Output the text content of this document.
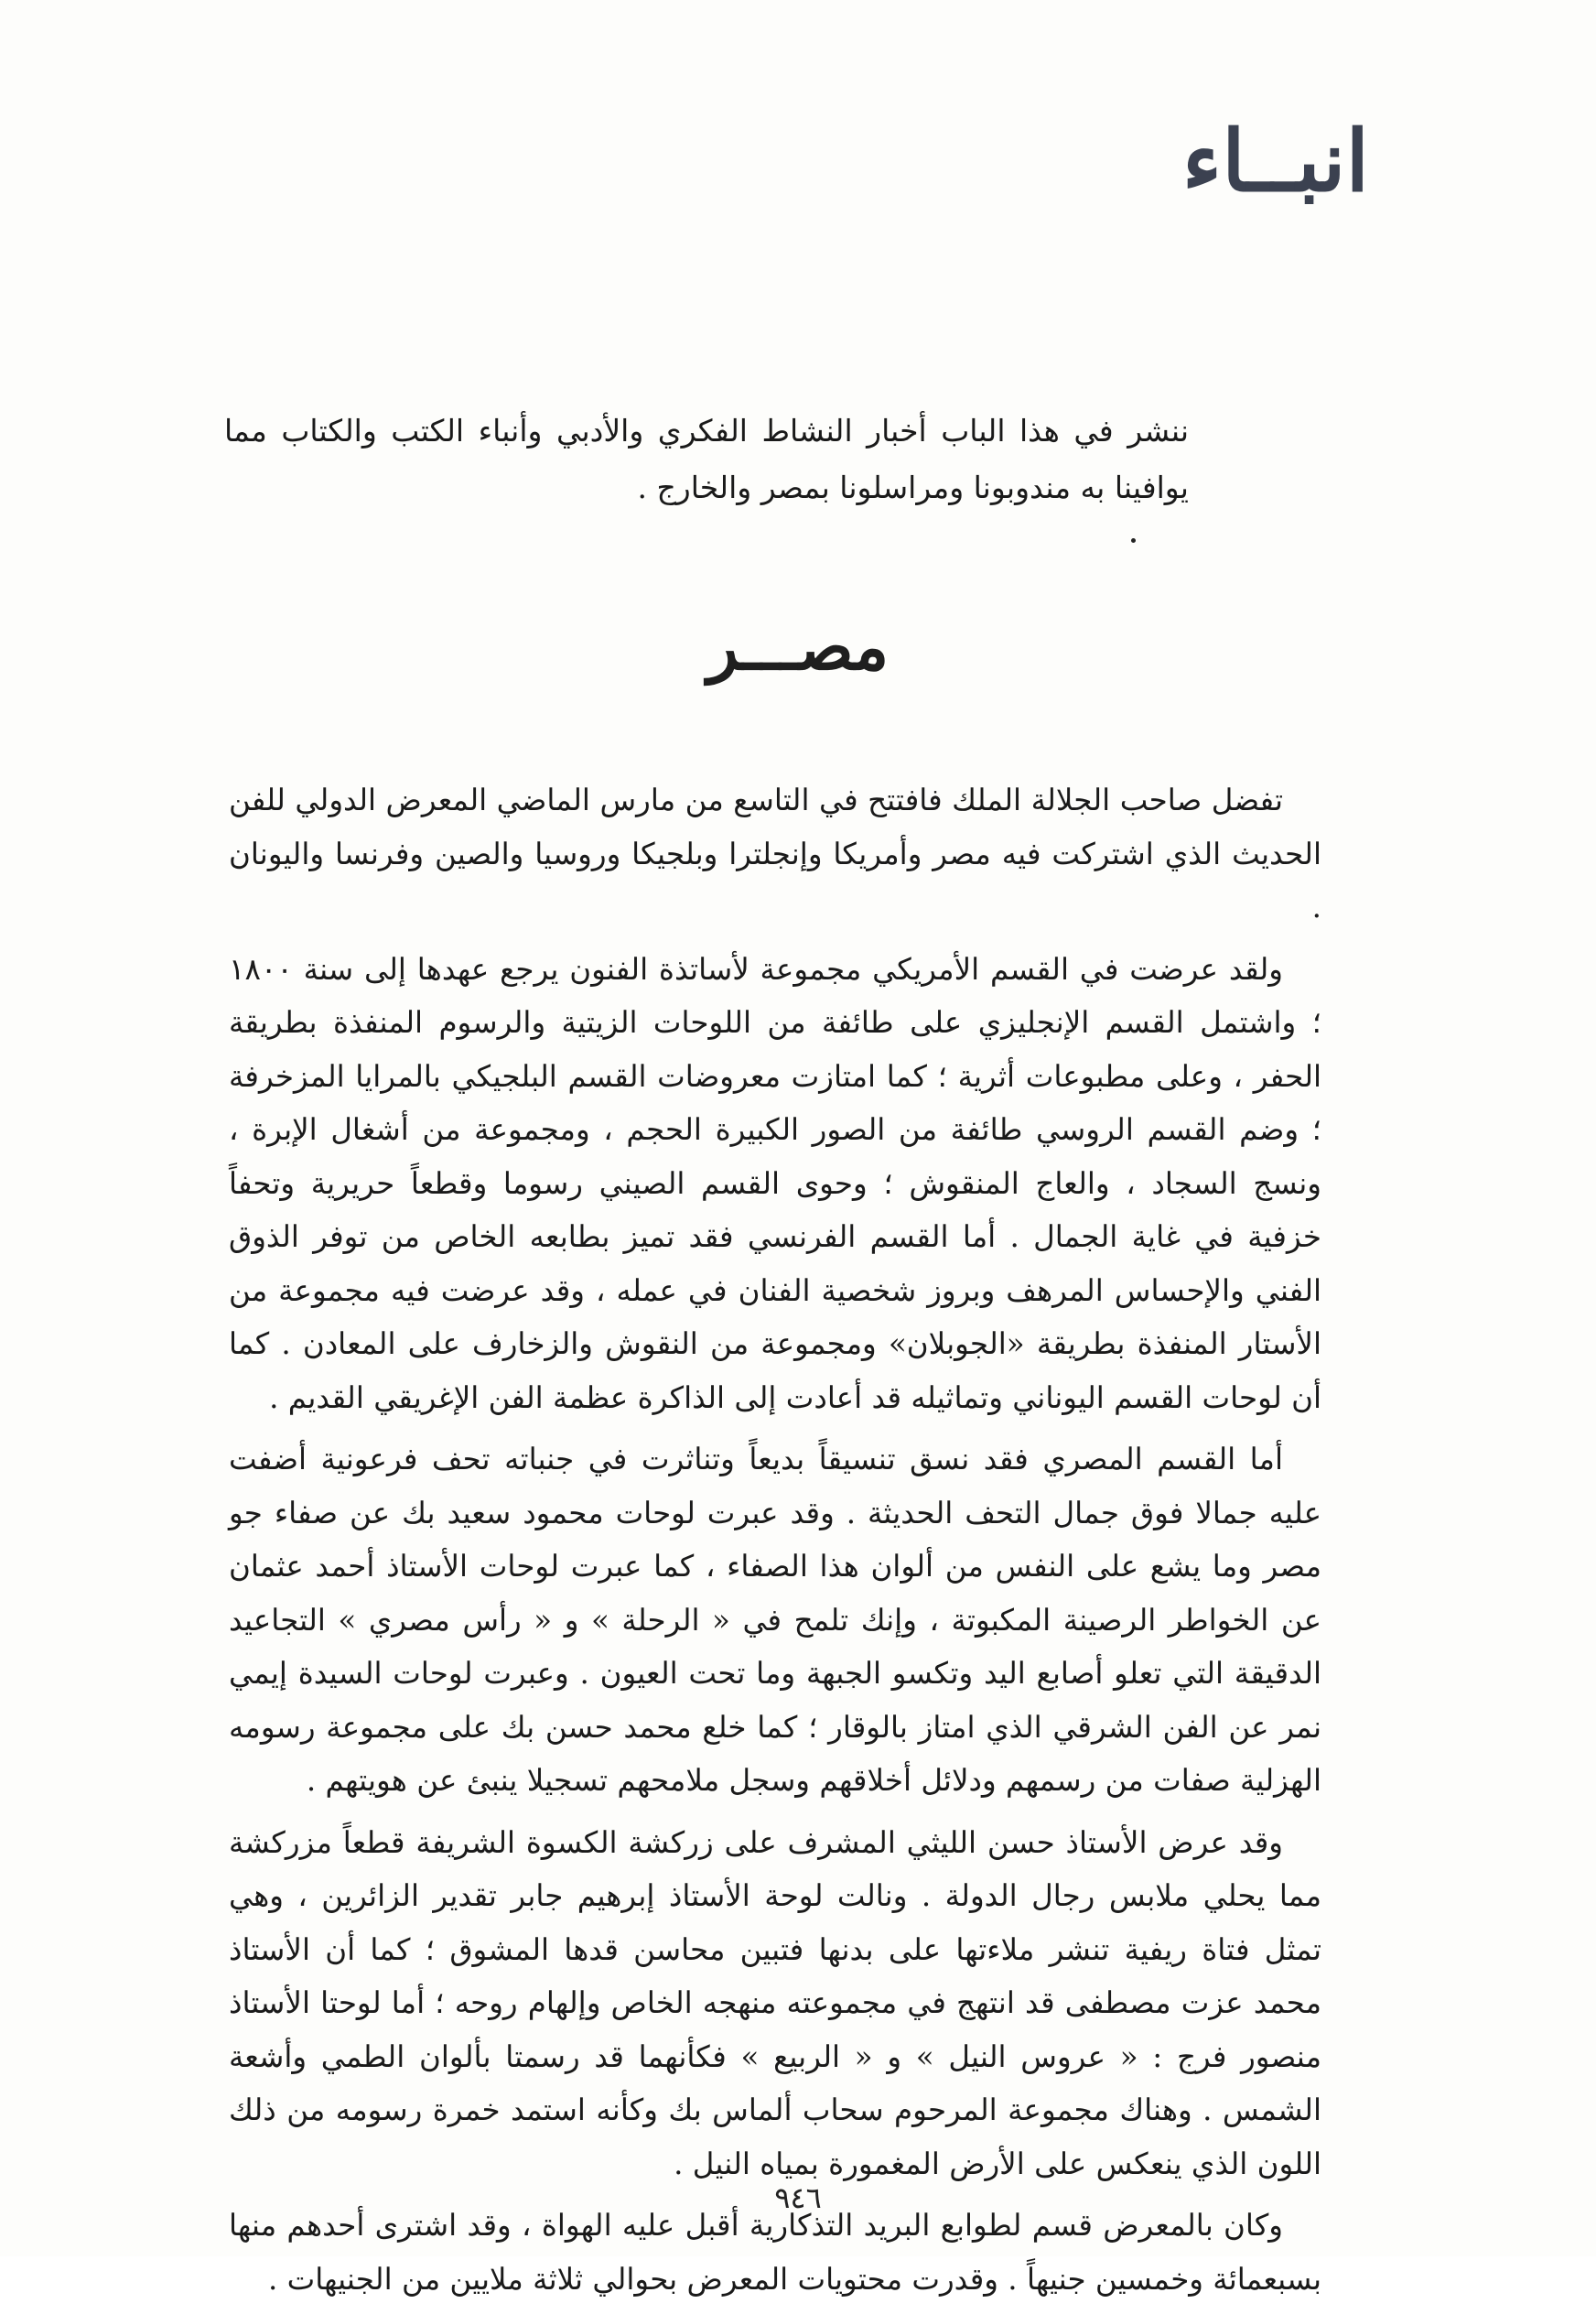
انبــاء

ننشر في هذا الباب أخبار النشاط الفكري والأدبي وأنباء الكتب والكتاب مما يوافينا به مندوبونا ومراسلونا بمصر والخارج .

مصـــر

تفضل صاحب الجلالة الملك فافتتح في التاسع من مارس الماضي المعرض الدولي للفن الحديث الذي اشتركت فيه مصر وأمريكا وإنجلترا وبلجيكا وروسيا والصين وفرنسا واليونان .

ولقد عرضت في القسم الأمريكي مجموعة لأساتذة الفنون يرجع عهدها إلى سنة ١٨٠٠ ؛ واشتمل القسم الإنجليزي على طائفة من اللوحات الزيتية والرسوم المنفذة بطريقة الحفر ، وعلى مطبوعات أثرية ؛ كما امتازت معروضات القسم البلجيكي بالمرايا المزخرفة ؛ وضم القسم الروسي طائفة من الصور الكبيرة الحجم ، ومجموعة من أشغال الإبرة ، ونسج السجاد ، والعاج المنقوش ؛ وحوى القسم الصيني رسوما وقطعاً حريرية وتحفاً خزفية في غاية الجمال . أما القسم الفرنسي فقد تميز بطابعه الخاص من توفر الذوق الفني والإحساس المرهف وبروز شخصية الفنان في عمله ، وقد عرضت فيه مجموعة من الأستار المنفذة بطريقة «الجوبلان» ومجموعة من النقوش والزخارف على المعادن . كما أن لوحات القسم اليوناني وتماثيله قد أعادت إلى الذاكرة عظمة الفن الإغريقي القديم .

أما القسم المصري فقد نسق تنسيقاً بديعاً وتناثرت في جنباته تحف فرعونية أضفت عليه جمالا فوق جمال التحف الحديثة . وقد عبرت لوحات محمود سعيد بك عن صفاء جو مصر وما يشع على النفس من ألوان هذا الصفاء ، كما عبرت لوحات الأستاذ أحمد عثمان عن الخواطر الرصينة المكبوتة ، وإنك تلمح في « الرحلة » و « رأس مصري » التجاعيد الدقيقة التي تعلو أصابع اليد وتكسو الجبهة وما تحت العيون . وعبرت لوحات السيدة إيمي نمر عن الفن الشرقي الذي امتاز بالوقار ؛ كما خلع محمد حسن بك على مجموعة رسومه الهزلية صفات من رسمهم ودلائل أخلاقهم وسجل ملامحهم تسجيلا ينبئ عن هويتهم .

وقد عرض الأستاذ حسن الليثي المشرف على زركشة الكسوة الشريفة قطعاً مزركشة مما يحلي ملابس رجال الدولة . ونالت لوحة الأستاذ إبرهيم جابر تقدير الزائرين ، وهي تمثل فتاة ريفية تنشر ملاءتها على بدنها فتبين محاسن قدها المشوق ؛ كما أن الأستاذ محمد عزت مصطفى قد انتهج في مجموعته منهجه الخاص وإلهام روحه ؛ أما لوحتا الأستاذ منصور فرج : « عروس النيل » و « الربيع » فكأنهما قد رسمتا بألوان الطمي وأشعة الشمس . وهناك مجموعة المرحوم سحاب ألماس بك وكأنه استمد خمرة رسومه من ذلك اللون الذي ينعكس على الأرض المغمورة بمياه النيل .

وكان بالمعرض قسم لطوابع البريد التذكارية أقبل عليه الهواة ، وقد اشترى أحدهم منها بسبعمائة وخمسين جنيهاً . وقدرت محتويات المعرض بحوالي ثلاثة ملايين من الجنيهات .

٩٤٦
